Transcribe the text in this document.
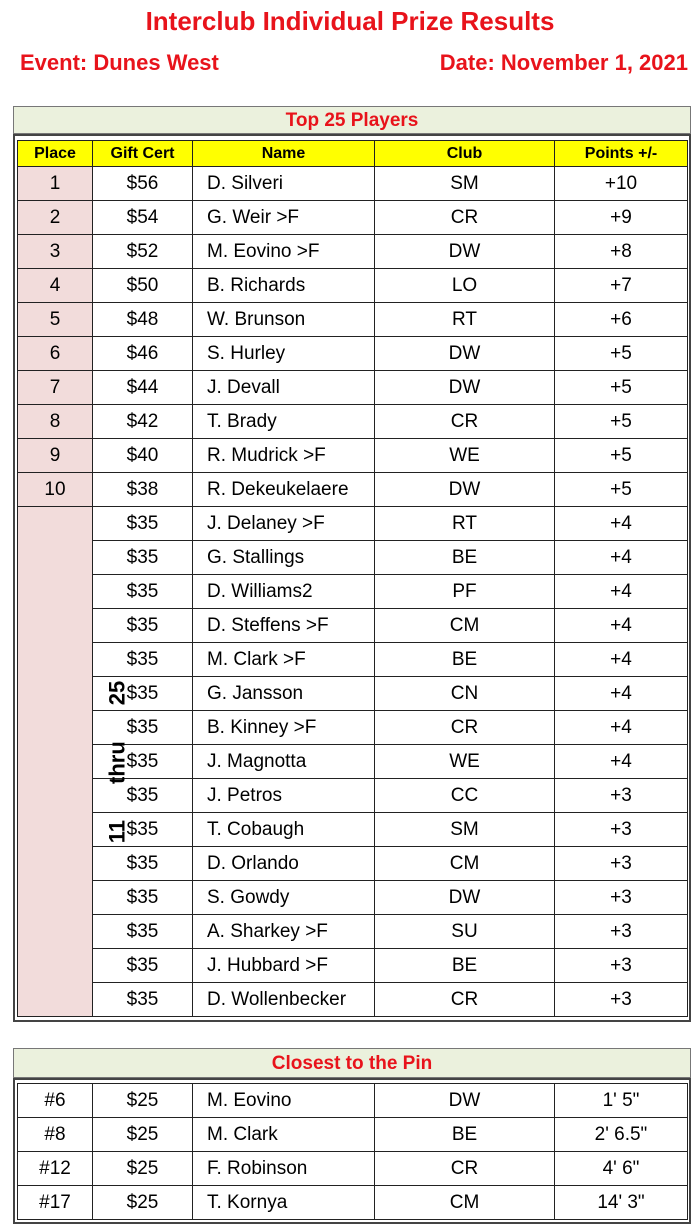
Interclub Individual Prize Results
Event: Dunes West	Date: November 1, 2021
Top 25 Players
Place	Gift Cert	Name	Club	Points +/-
1	$56	D. Silveri	SM	+10
2	$54	G. Weir >F	CR	+9
3	$52	M. Eovino >F	DW	+8
4	$50	B. Richards	LO	+7
5	$48	W. Brunson	RT	+6
6	$46	S. Hurley	DW	+5
7	$44	J. Devall	DW	+5
8	$42	T. Brady	CR	+5
9	$40	R. Mudrick >F	WE	+5
10	$38	R. Dekeukelaere	DW	+5
11thru25	$35	J. Delaney >F	RT	+4
	$35	G. Stallings	BE	+4
	$35	D. Williams2	PF	+4
	$35	D. Steffens >F	CM	+4
	$35	M. Clark >F	BE	+4
	$35	G. Jansson	CN	+4
	$35	B. Kinney >F	CR	+4
	$35	J. Magnotta	WE	+4
	$35	J. Petros	CC	+3
	$35	T. Cobaugh	SM	+3
	$35	D. Orlando	CM	+3
	$35	S. Gowdy	DW	+3
	$35	A. Sharkey >F	SU	+3
	$35	J. Hubbard >F	BE	+3
	$35	D. Wollenbecker	CR	+3
Closest to the Pin
#6	$25	M. Eovino	DW	1' 5"
#8	$25	M. Clark	BE	2' 6.5"
#12	$25	F. Robinson	CR	4' 6"
#17	$25	T. Kornya	CM	14' 3"
